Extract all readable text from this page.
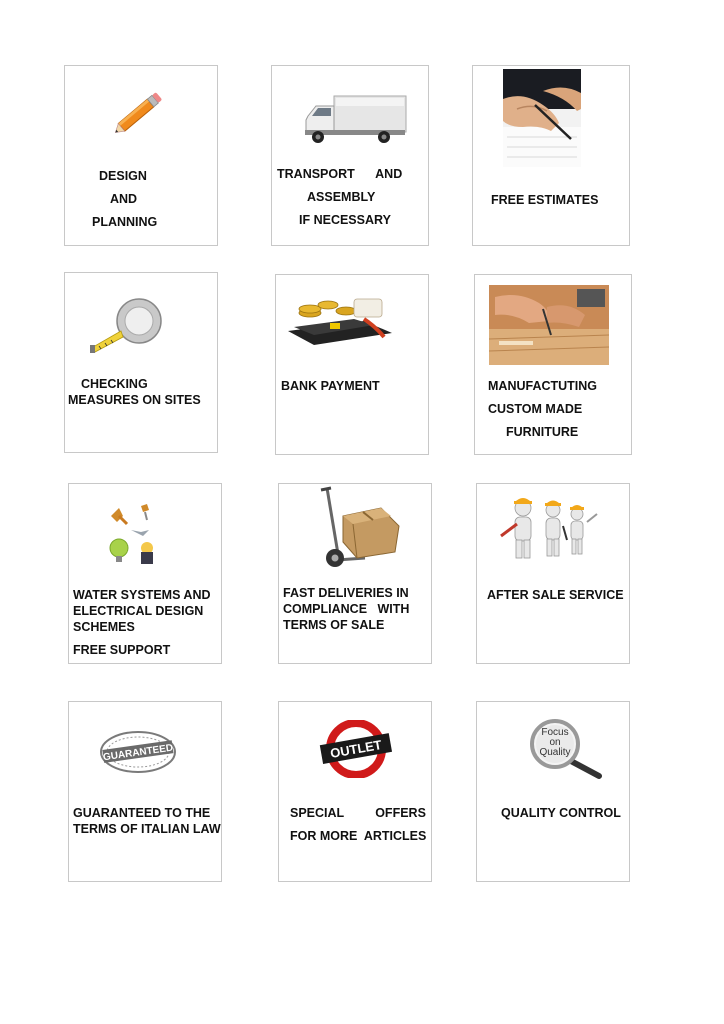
DESIGN
AND
PLANNING
TRANSPORT      AND
ASSEMBLY
IF NECESSARY
FREE ESTIMATES
CHECKING
MEASURES ON SITES
BANK PAYMENT	MANUFACTUTING
CUSTOM MADE
FURNITURE
WATER SYSTEMS AND
ELECTRICAL DESIGN
SCHEMES
FREE SUPPORT
FAST DELIVERIES IN
COMPLIANCE   WITH
TERMS OF SALE
AFTER SALE SERVICE
GUARANTEED
GUARANTEED TO THE
TERMS OF ITALIAN LAW
OUTLET
SPECIAL         OFFERS
FOR MORE  ARTICLES
Focus
on
Quality
QUALITY CONTROL
